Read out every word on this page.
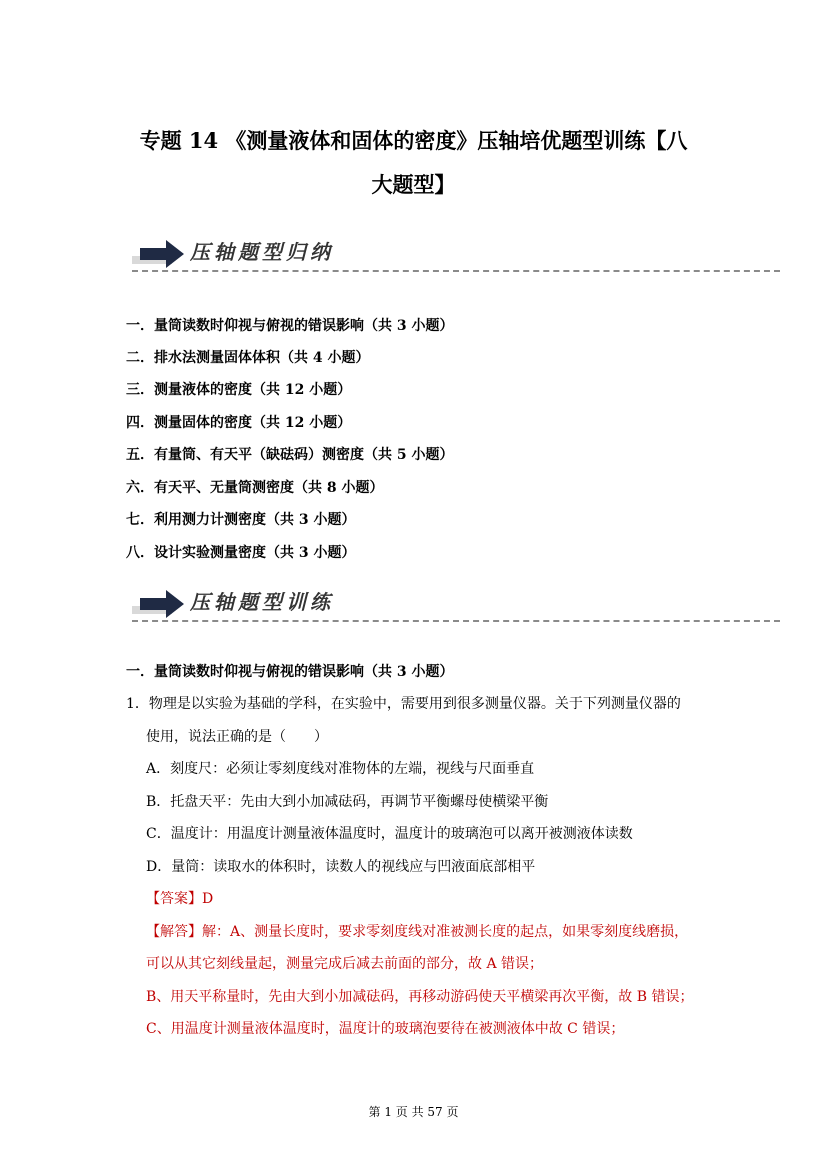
专题 14 《测量液体和固体的密度》压轴培优题型训练【八
大题型】
压轴题型归纳
一．量筒读数时仰视与俯视的错误影响（共 3 小题）
二．排水法测量固体体积（共 4 小题）
三．测量液体的密度（共 12 小题）
四．测量固体的密度（共 12 小题）
五．有量筒、有天平（缺砝码）测密度（共 5 小题）
六．有天平、无量筒测密度（共 8 小题）
七．利用测力计测密度（共 3 小题）
八．设计实验测量密度（共 3 小题）
压轴题型训练
一．量筒读数时仰视与俯视的错误影响（共 3 小题）
1．物理是以实验为基础的学科，在实验中，需要用到很多测量仪器。关于下列测量仪器的
使用，说法正确的是（　　）
A．刻度尺：必须让零刻度线对准物体的左端，视线与尺面垂直
B．托盘天平：先由大到小加减砝码，再调节平衡螺母使横梁平衡
C．温度计：用温度计测量液体温度时，温度计的玻璃泡可以离开被测液体读数
D．量筒：读取水的体积时，读数人的视线应与凹液面底部相平
【答案】D
【解答】解：A、测量长度时，要求零刻度线对准被测长度的起点，如果零刻度线磨损，
可以从其它刻线量起，测量完成后减去前面的部分，故 A 错误；
B、用天平称量时，先由大到小加减砝码，再移动游码使天平横梁再次平衡，故 B 错误；
C、用温度计测量液体温度时，温度计的玻璃泡要待在被测液体中故 C 错误；
第 1 页 共 57 页
